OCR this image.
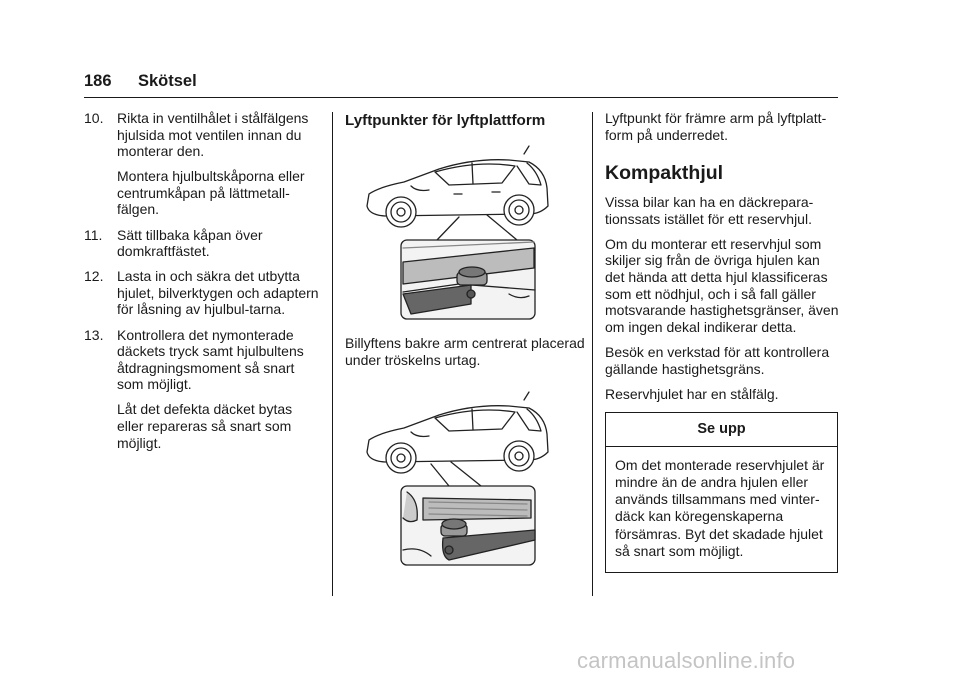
186	Skötsel
10. Rikta in ventilhålet i stålfälgens hjulsida mot ventilen innan du monterar den.

Montera hjulbultskåporna eller centrumkåpan på lättmetall-fälgen.

11.	Sätt tillbaka kåpan över domkraftfästet.

12. Lasta in och säkra det utbytta hjulet, bilverktygen och adaptern för låsning av hjulbul-tarna.

13. Kontrollera det nymonterade däckets tryck samt hjulbultens åtdragningsmoment så snart som möjligt.

Låt det defekta däcket bytas eller repareras så snart som möjligt.

Lyftpunkter för lyftplattform

Billyftens bakre arm centrerat placerad under tröskelns urtag.

Lyftpunkt för främre arm på lyftplatt-form på underredet.

Kompakthjul

Vissa bilar kan ha en däckrepara-tionssats istället för ett reservhjul.

Om du monterar ett reservhjul som skiljer sig från de övriga hjulen kan det hända att detta hjul klassificeras som ett nödhjul, och i så fall gäller motsvarande hastighetsgränser, även om ingen dekal indikerar detta.

Besök en verkstad för att kontrollera gällande hastighetsgräns.

Reservhjulet har en stålfälg.

Se upp
Om det monterade reservhjulet är mindre än de andra hjulen eller används tillsammans med vinter-däck kan köregenskaperna försämras. Byt det skadade hjulet så snart som möjligt.
carmanualsonline.info
